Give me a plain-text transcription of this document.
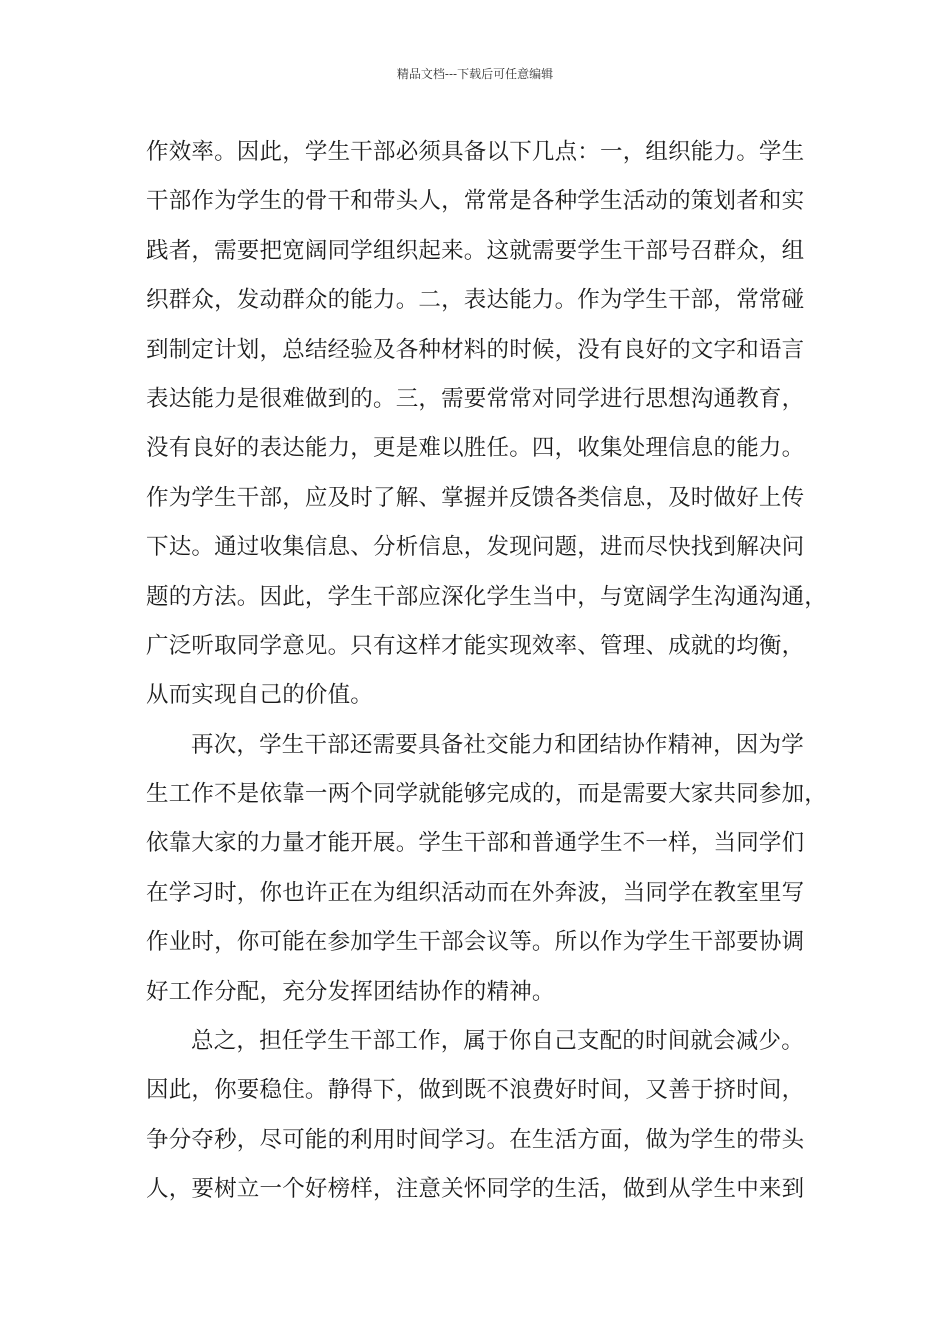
精品文档---下载后可任意编辑
作效率。因此，学生干部必须具备以下几点：一，组织能力。学生
干部作为学生的骨干和带头人，常常是各种学生活动的策划者和实
践者，需要把宽阔同学组织起来。这就需要学生干部号召群众，组
织群众，发动群众的能力。二，表达能力。作为学生干部，常常碰
到制定计划，总结经验及各种材料的时候，没有良好的文字和语言
表达能力是很难做到的。三，需要常常对同学进行思想沟通教育，
没有良好的表达能力，更是难以胜任。四，收集处理信息的能力。
作为学生干部，应及时了解、掌握并反馈各类信息，及时做好上传
下达。通过收集信息、分析信息，发现问题，进而尽快找到解决问
题的方法。因此，学生干部应深化学生当中，与宽阔学生沟通沟通，
广泛听取同学意见。只有这样才能实现效率、管理、成就的均衡，
从而实现自己的价值。
再次，学生干部还需要具备社交能力和团结协作精神，因为学
生工作不是依靠一两个同学就能够完成的，而是需要大家共同参加，
依靠大家的力量才能开展。学生干部和普通学生不一样，当同学们
在学习时，你也许正在为组织活动而在外奔波，当同学在教室里写
作业时，你可能在参加学生干部会议等。所以作为学生干部要协调
好工作分配，充分发挥团结协作的精神。
总之，担任学生干部工作，属于你自己支配的时间就会减少。
因此，你要稳住。静得下，做到既不浪费好时间，又善于挤时间，
争分夺秒，尽可能的利用时间学习。在生活方面，做为学生的带头
人，要树立一个好榜样，注意关怀同学的生活，做到从学生中来到
